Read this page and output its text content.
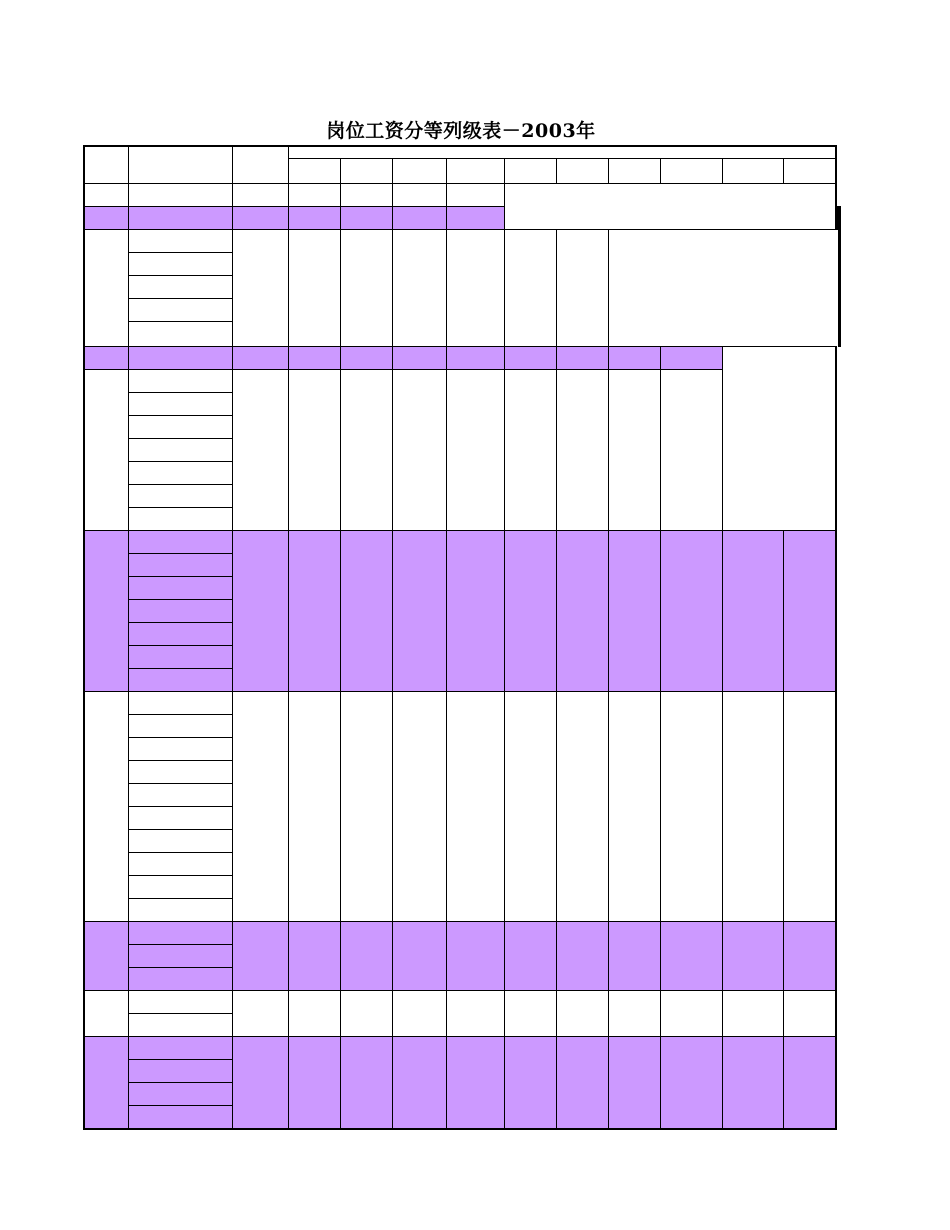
岗位工资分等列级表－2003年
